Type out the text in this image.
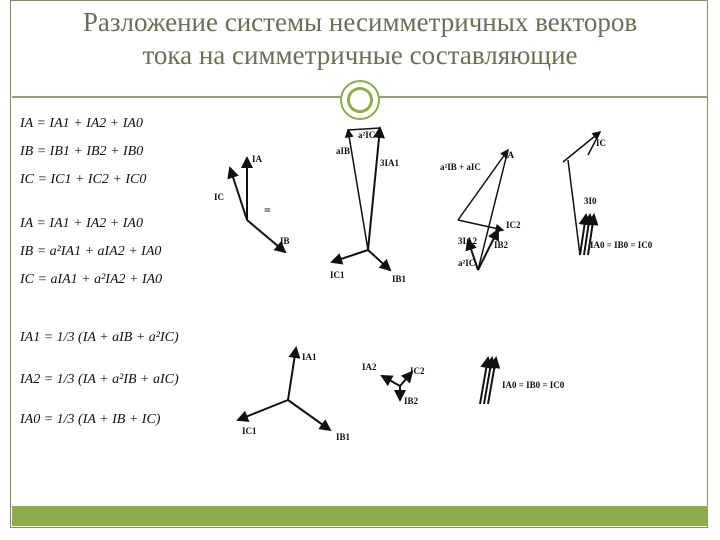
Разложение системы несимметричных векторов
тока на симметричные составляющие
IA = IA1 + IA2 + IA0
IB = IB1 + IB2 + IB0
IC = IC1 + IC2 + IC0
IA = IA1 + IA2 + IA0
IB = a²IA1 + aIA2 + IA0
IC = aIA1 + a²IA2 + IA0
IA1 = 1/3 (IA + aIB + a²IC)
IA2 = 1/3 (IA + a²IB + aIC)
IA0 = 1/3 (IA + IB + IC)
IA
IC
IB
=
aIB
a²IC
3IA1
IC1	IB1
a²IB + aIC
IA
IC2
3IA2 IB2
a²IC
IC
3I0
IA0 = IB0 = IC0
IA1
IC1
IB1
IA2	IC2
IB2
IA0 = IB0 = IC0
